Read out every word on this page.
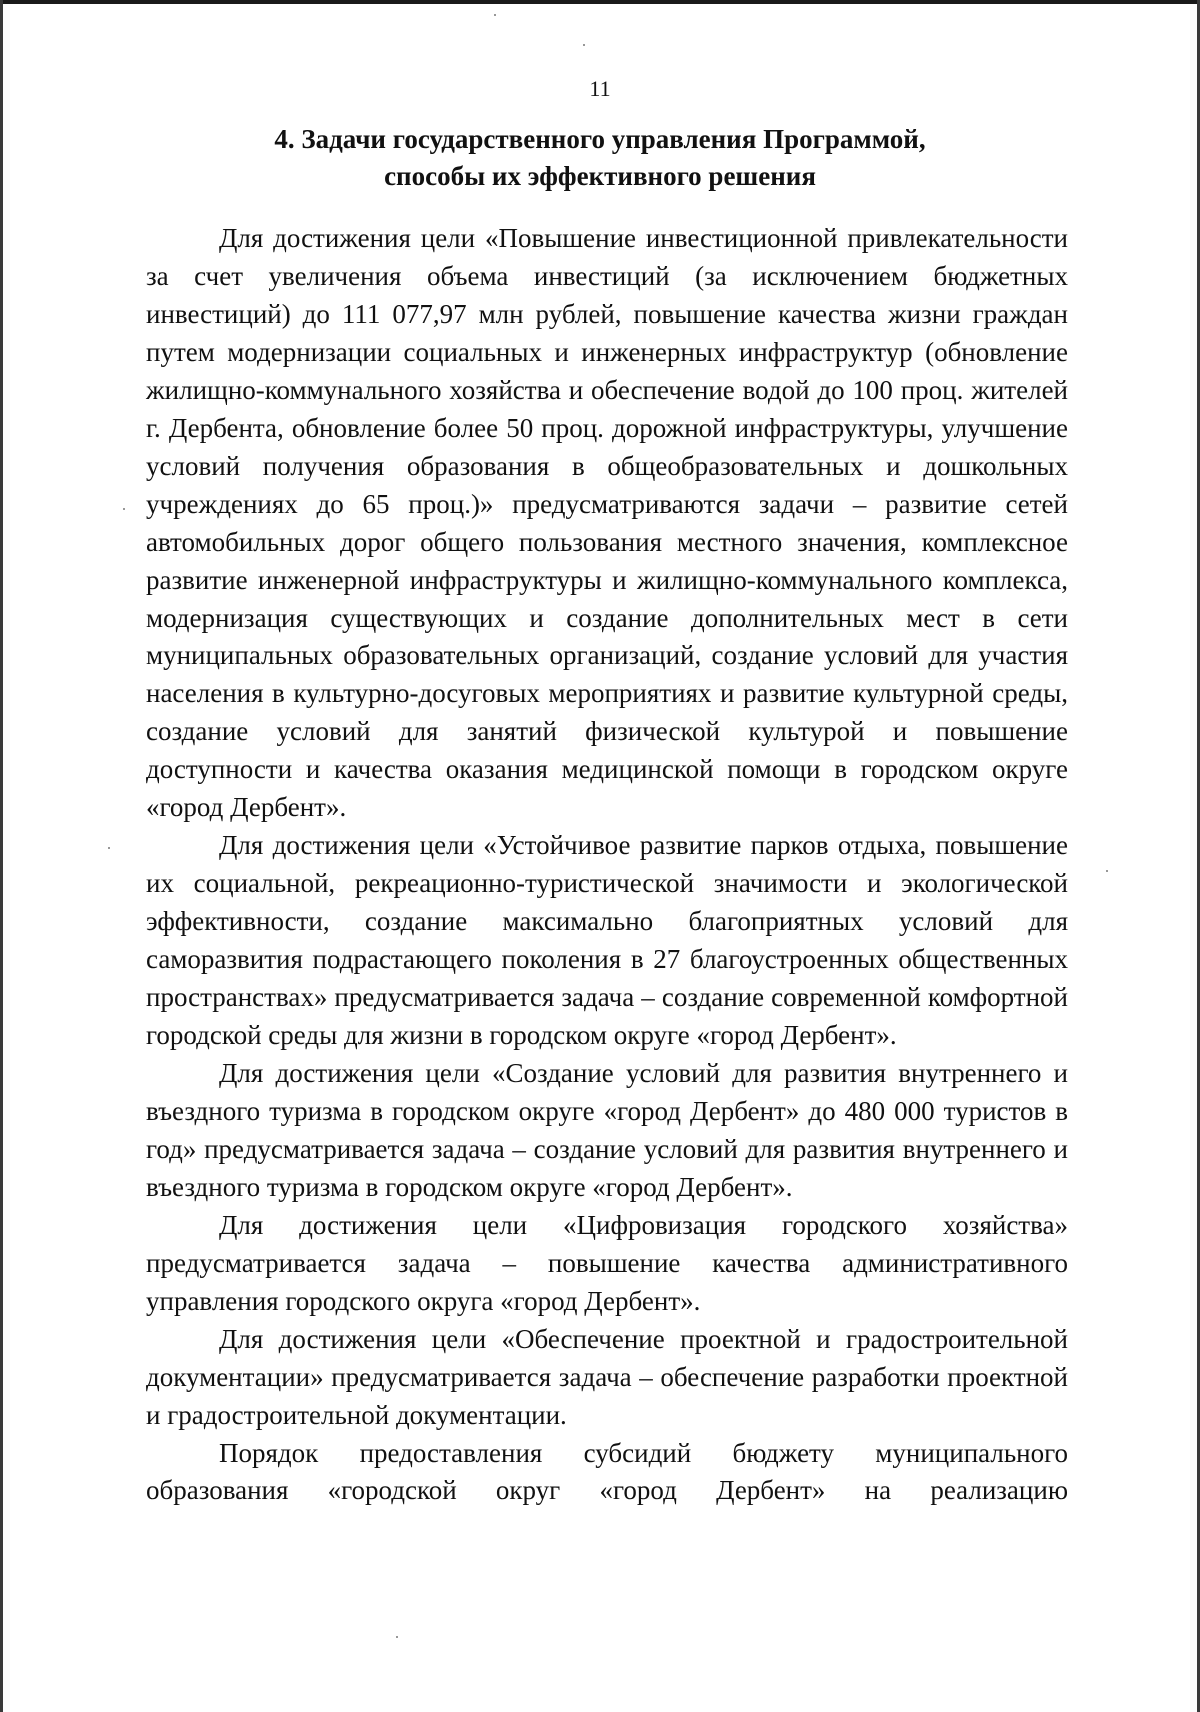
11
4. Задачи государственного управления Программой,
способы их эффективного решения

Для достижения цели «Повышение инвестиционной привлекательности за счет увеличения объема инвестиций (за исключением бюджетных инвестиций) до 111 077,97 млн рублей, повышение качества жизни граждан путем модернизации социальных и инженерных инфраструктур (обновление жилищно-коммунального хозяйства и обеспечение водой до 100 проц. жителей г. Дербента, обновление более 50 проц. дорожной инфраструктуры, улучшение условий получения образования в общеобразовательных и дошкольных учреждениях до 65 проц.)» предусматриваются задачи – развитие сетей автомобильных дорог общего пользования местного значения, комплексное развитие инженерной инфраструктуры и жилищно-коммунального комплекса, модернизация существующих и создание дополнительных мест в сети муниципальных образовательных организаций, создание условий для участия населения в культурно-досуговых мероприятиях и развитие культурной среды, создание условий для занятий физической культурой и повышение доступности и качества оказания медицинской помощи в городском округе «город Дербент».

Для достижения цели «Устойчивое развитие парков отдыха, повышение их социальной, рекреационно-туристической значимости и экологической эффективности, создание максимально благоприятных условий для саморазвития подрастающего поколения в 27 благоустроенных общественных пространствах» предусматривается задача – создание современной комфортной городской среды для жизни в городском округе «город Дербент».

Для достижения цели «Создание условий для развития внутреннего и въездного туризма в городском округе «город Дербент» до 480 000 туристов в год» предусматривается задача – создание условий для развития внутреннего и въездного туризма в городском округе «город Дербент».

Для достижения цели «Цифровизация городского хозяйства» предусматривается задача – повышение качества административного управления городского округа «город Дербент».

Для достижения цели «Обеспечение проектной и градостроительной документации» предусматривается задача – обеспечение разработки проектной и градостроительной документации.

Порядок предоставления субсидий бюджету муниципального образования «городской округ «город Дербент» на реализацию
